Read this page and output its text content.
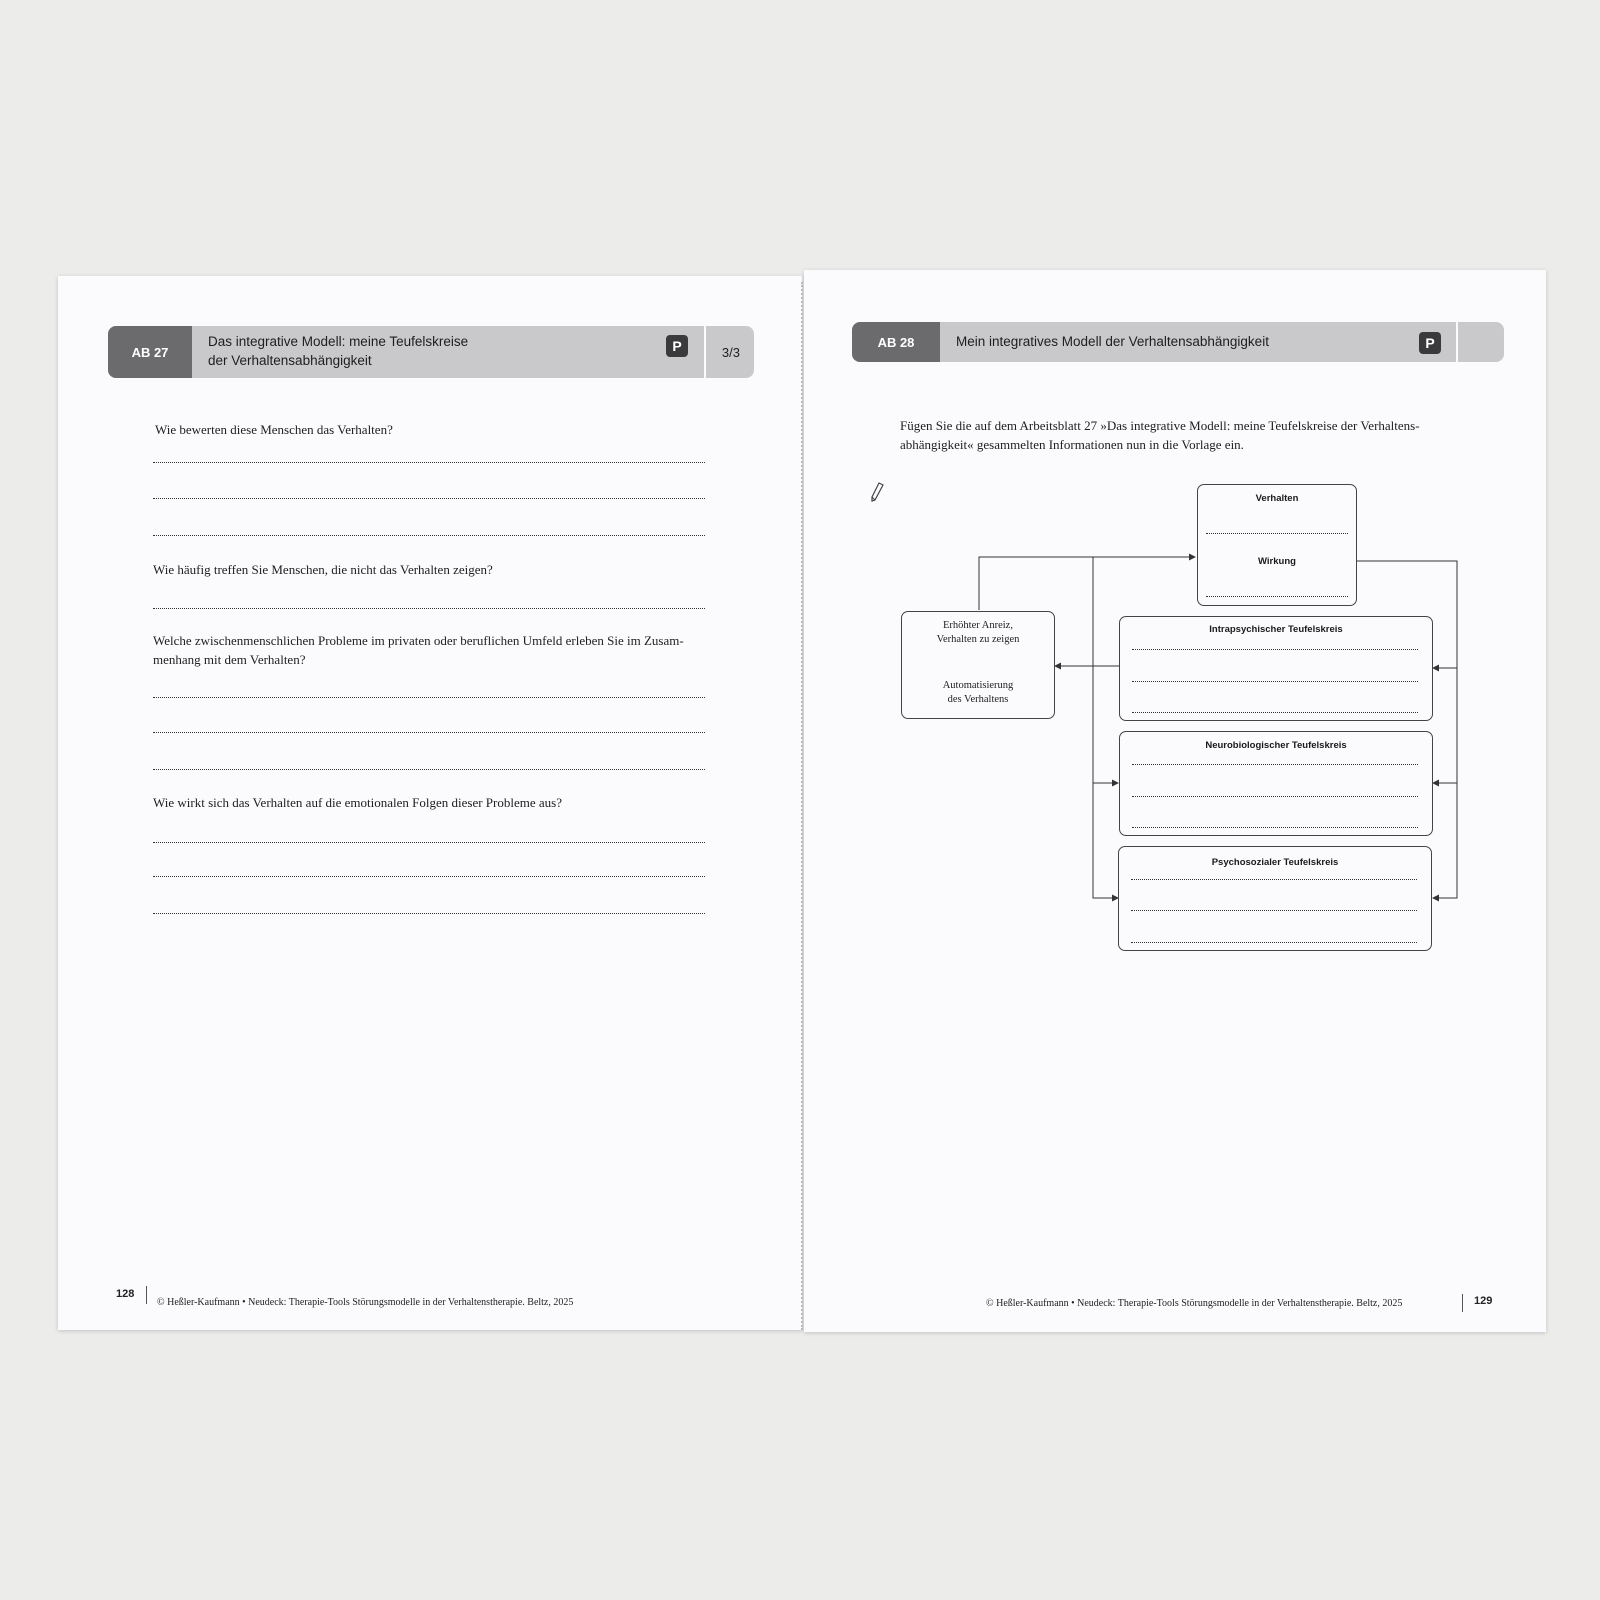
AB 27
Das integrative Modell: meine Teufelskreise
der Verhaltensabhängigkeit
P	3/3
Wie bewerten diese Menschen das Verhalten?
Wie häufig treffen Sie Menschen, die nicht das Verhalten zeigen?
Welche zwischenmenschlichen Probleme im privaten oder beruflichen Umfeld erleben Sie im Zusam-
menhang mit dem Verhalten?
Wie wirkt sich das Verhalten auf die emotionalen Folgen dieser Probleme aus?
128
© Heßler-Kaufmann • Neudeck: Therapie-Tools Störungsmodelle in der Verhaltenstherapie. Beltz, 2025
AB 28	Mein integratives Modell der Verhaltensabhängigkeit	P
Fügen Sie die auf dem Arbeitsblatt 27 »Das integrative Modell: meine Teufelskreise der Verhaltens-
abhängigkeit« gesammelten Informationen nun in die Vorlage ein.
Verhalten
Wirkung
Erhöhter Anreiz,
Verhalten zu zeigen
Automatisierung
des Verhaltens
Intrapsychischer Teufelskreis
Neurobiologischer Teufelskreis
Psychosozialer Teufelskreis
© Heßler-Kaufmann • Neudeck: Therapie-Tools Störungsmodelle in der Verhaltenstherapie. Beltz, 2025	129
